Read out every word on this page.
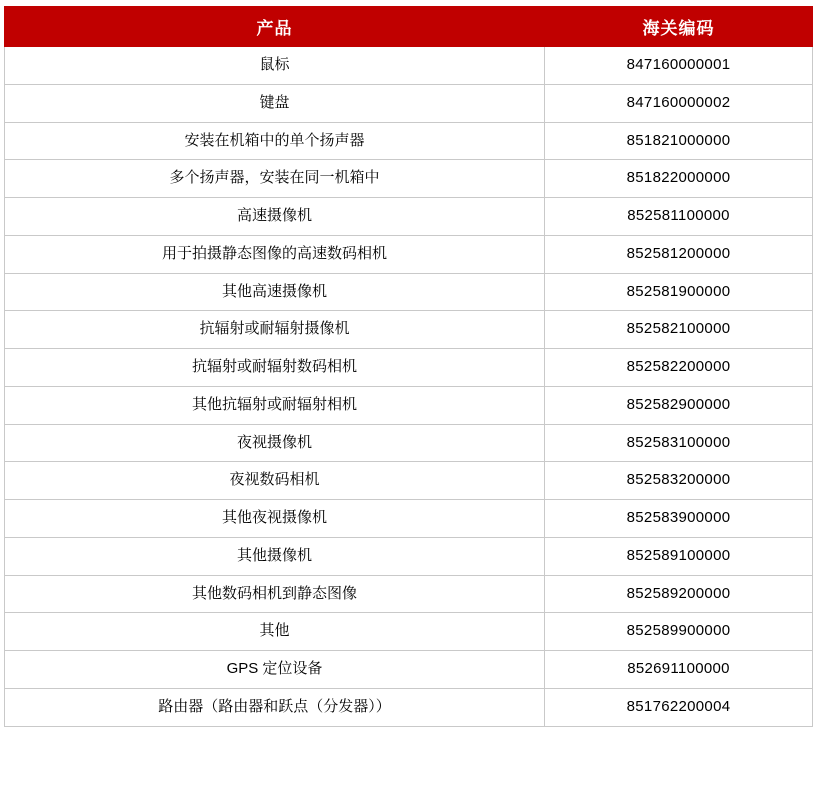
产品	海关编码
鼠标	847160000001
键盘	847160000002
安装在机箱中的单个扬声器	851821000000
多个扬声器，安装在同一机箱中	851822000000
高速摄像机	852581100000
用于拍摄静态图像的高速数码相机	852581200000
其他高速摄像机	852581900000
抗辐射或耐辐射摄像机	852582100000
抗辐射或耐辐射数码相机	852582200000
其他抗辐射或耐辐射相机	852582900000
夜视摄像机	852583100000
夜视数码相机	852583200000
其他夜视摄像机	852583900000
其他摄像机	852589100000
其他数码相机到静态图像	852589200000
其他	852589900000
GPS 定位设备	852691100000
路由器（路由器和跃点（分发器））	851762200004
